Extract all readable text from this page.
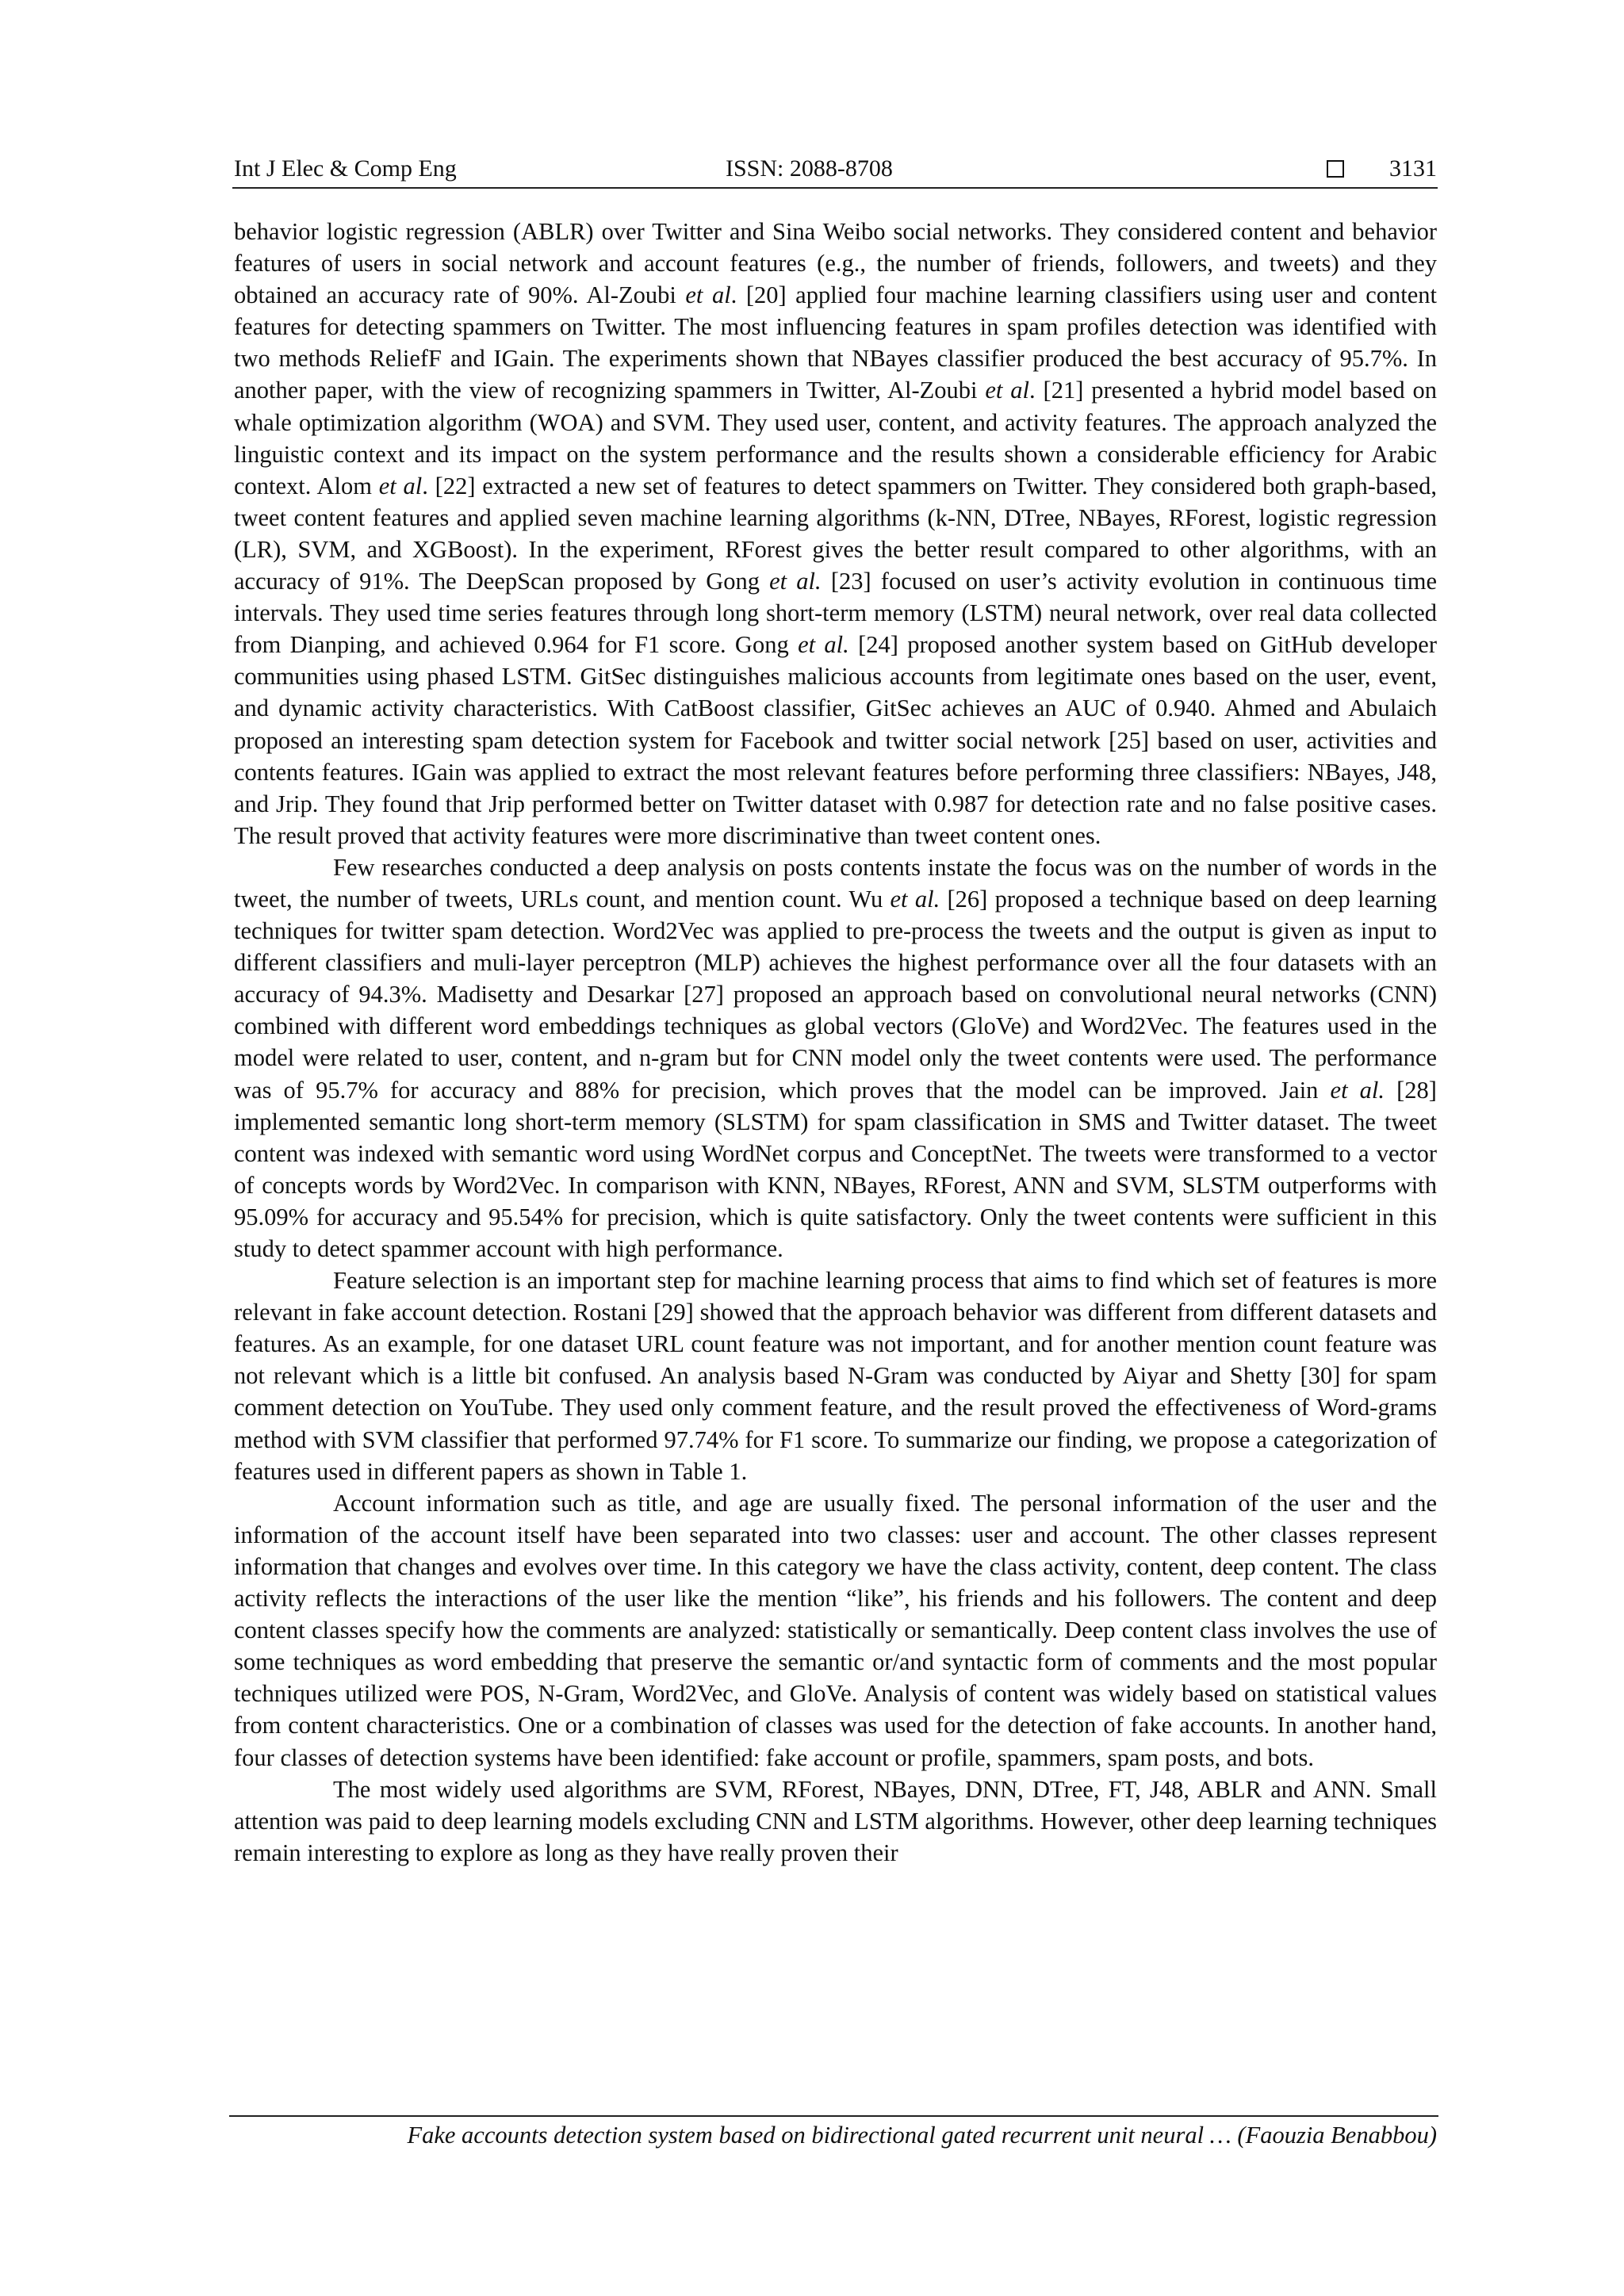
Int J Elec & Comp Eng	ISSN: 2088-8708	3131

behavior logistic regression (ABLR) over Twitter and Sina Weibo social networks. They considered content and behavior features of users in social network and account features (e.g., the number of friends, followers, and tweets) and they obtained an accuracy rate of 90%. Al-Zoubi et al. [20] applied four machine learning classifiers using user and content features for detecting spammers on Twitter. The most influencing features in spam profiles detection was identified with two methods ReliefF and IGain. The experiments shown that NBayes classifier produced the best accuracy of 95.7%. In another paper, with the view of recognizing spammers in Twitter, Al-Zoubi et al. [21] presented a hybrid model based on whale optimization algorithm (WOA) and SVM. They used user, content, and activity features. The approach analyzed the linguistic context and its impact on the system performance and the results shown a considerable efficiency for Arabic context. Alom et al. [22] extracted a new set of features to detect spammers on Twitter. They considered both graph-based, tweet content features and applied seven machine learning algorithms (k-NN, DTree, NBayes, RForest, logistic regression (LR), SVM, and XGBoost). In the experiment, RForest gives the better result compared to other algorithms, with an accuracy of 91%. The DeepScan proposed by Gong et al. [23] focused on user’s activity evolution in continuous time intervals. They used time series features through long short-term memory (LSTM) neural network, over real data collected from Dianping, and achieved 0.964 for F1 score. Gong et al. [24] proposed another system based on GitHub developer communities using phased LSTM. GitSec distinguishes malicious accounts from legitimate ones based on the user, event, and dynamic activity characteristics. With CatBoost classifier, GitSec achieves an AUC of 0.940. Ahmed and Abulaich proposed an interesting spam detection system for Facebook and twitter social network [25] based on user, activities and contents features. IGain was applied to extract the most relevant features before performing three classifiers: NBayes, J48, and Jrip. They found that Jrip performed better on Twitter dataset with 0.987 for detection rate and no false positive cases. The result proved that activity features were more discriminative than tweet content ones.

Few researches conducted a deep analysis on posts contents instate the focus was on the number of words in the tweet, the number of tweets, URLs count, and mention count. Wu et al. [26] proposed a technique based on deep learning techniques for twitter spam detection. Word2Vec was applied to pre-process the tweets and the output is given as input to different classifiers and muli-layer perceptron (MLP) achieves the highest performance over all the four datasets with an accuracy of 94.3%. Madisetty and Desarkar [27] proposed an approach based on convolutional neural networks (CNN) combined with different word embeddings techniques as global vectors (GloVe) and Word2Vec. The features used in the model were related to user, content, and n-gram but for CNN model only the tweet contents were used. The performance was of 95.7% for accuracy and 88% for precision, which proves that the model can be improved. Jain et al. [28] implemented semantic long short-term memory (SLSTM) for spam classification in SMS and Twitter dataset. The tweet content was indexed with semantic word using WordNet corpus and ConceptNet. The tweets were transformed to a vector of concepts words by Word2Vec. In comparison with KNN, NBayes, RForest, ANN and SVM, SLSTM outperforms with 95.09% for accuracy and 95.54% for precision, which is quite satisfactory. Only the tweet contents were sufficient in this study to detect spammer account with high performance.

Feature selection is an important step for machine learning process that aims to find which set of features is more relevant in fake account detection. Rostani [29] showed that the approach behavior was different from different datasets and features. As an example, for one dataset URL count feature was not important, and for another mention count feature was not relevant which is a little bit confused. An analysis based N-Gram was conducted by Aiyar and Shetty [30] for spam comment detection on YouTube. They used only comment feature, and the result proved the effectiveness of Word-grams method with SVM classifier that performed 97.74% for F1 score. To summarize our finding, we propose a categorization of features used in different papers as shown in Table 1.

Account information such as title, and age are usually fixed. The personal information of the user and the information of the account itself have been separated into two classes: user and account. The other classes represent information that changes and evolves over time. In this category we have the class activity, content, deep content. The class activity reflects the interactions of the user like the mention “like”, his friends and his followers. The content and deep content classes specify how the comments are analyzed: statistically or semantically. Deep content class involves the use of some techniques as word embedding that preserve the semantic or/and syntactic form of comments and the most popular techniques utilized were POS, N-Gram, Word2Vec, and GloVe. Analysis of content was widely based on statistical values from content characteristics. One or a combination of classes was used for the detection of fake accounts. In another hand, four classes of detection systems have been identified: fake account or profile, spammers, spam posts, and bots.

The most widely used algorithms are SVM, RForest, NBayes, DNN, DTree, FT, J48, ABLR and ANN. Small attention was paid to deep learning models excluding CNN and LSTM algorithms. However, other deep learning techniques remain interesting to explore as long as they have really proven their

Fake accounts detection system based on bidirectional gated recurrent unit neural … (Faouzia Benabbou)
